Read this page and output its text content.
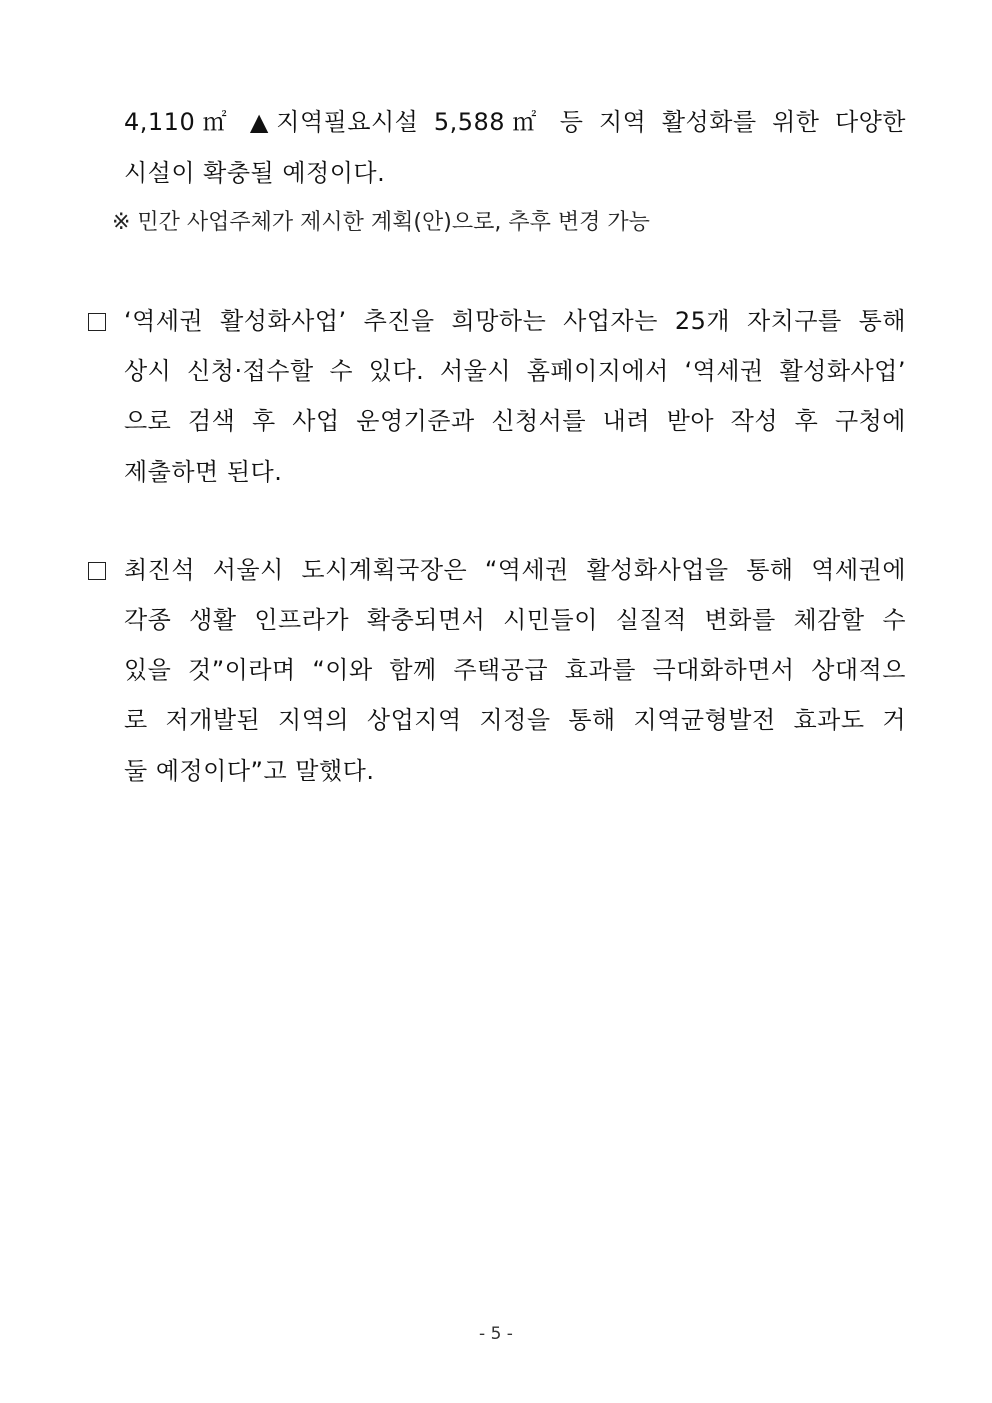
4,110㎡ ▲지역필요시설 5,588㎡ 등 지역 활성화를 위한 다양한
시설이 확충될 예정이다.
※ 민간 사업주체가 제시한 계획(안)으로, 추후 변경 가능
‘역세권 활성화사업’ 추진을 희망하는 사업자는 25개 자치구를 통해
상시 신청·접수할 수 있다. 서울시 홈페이지에서 ‘역세권 활성화사업’
으로 검색 후 사업 운영기준과 신청서를 내려 받아 작성 후 구청에
제출하면 된다.
최진석 서울시 도시계획국장은 “역세권 활성화사업을 통해 역세권에
각종 생활 인프라가 확충되면서 시민들이 실질적 변화를 체감할 수
있을 것”이라며 “이와 함께 주택공급 효과를 극대화하면서 상대적으
로 저개발된 지역의 상업지역 지정을 통해 지역균형발전 효과도 거
둘 예정이다”고 말했다.
- 5 -
